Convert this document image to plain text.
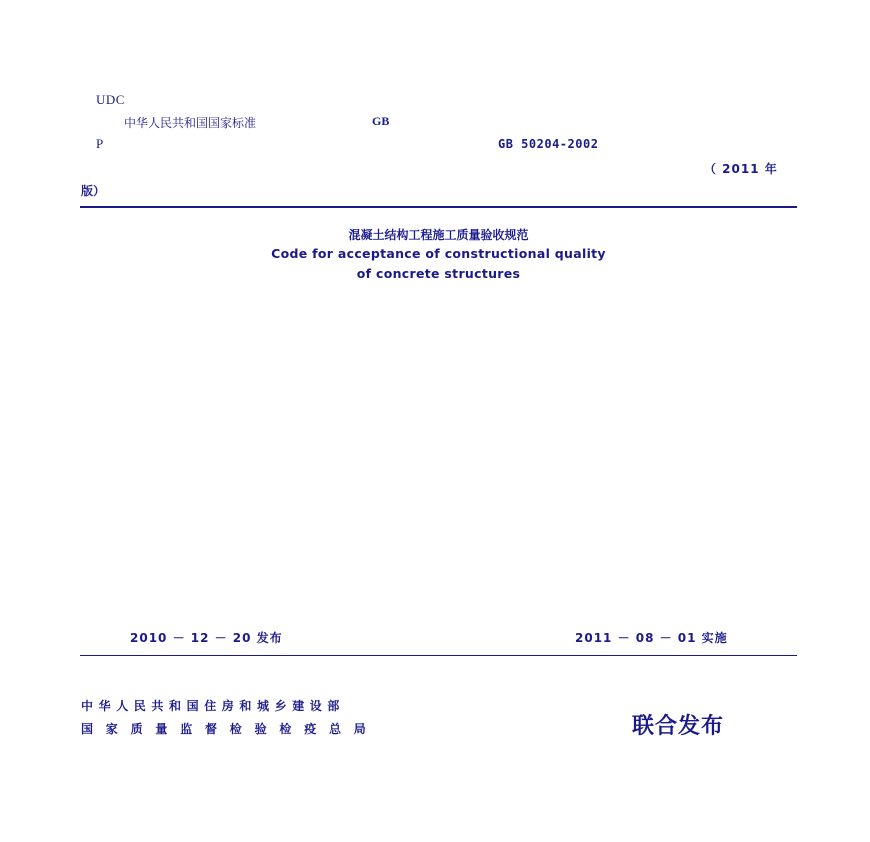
UDC
中华人民共和国国家标准	GB
P	GB 50204-2002
（ 2011 年
版）
混凝土结构工程施工质量验收规范
Code for acceptance of constructional quality
of concrete structures
2010 － 12 － 20 发布	2011 － 08 － 01 实施
中华人民共和国住房和城乡建设部
国家质量监督检验检疫总局	联合发布
